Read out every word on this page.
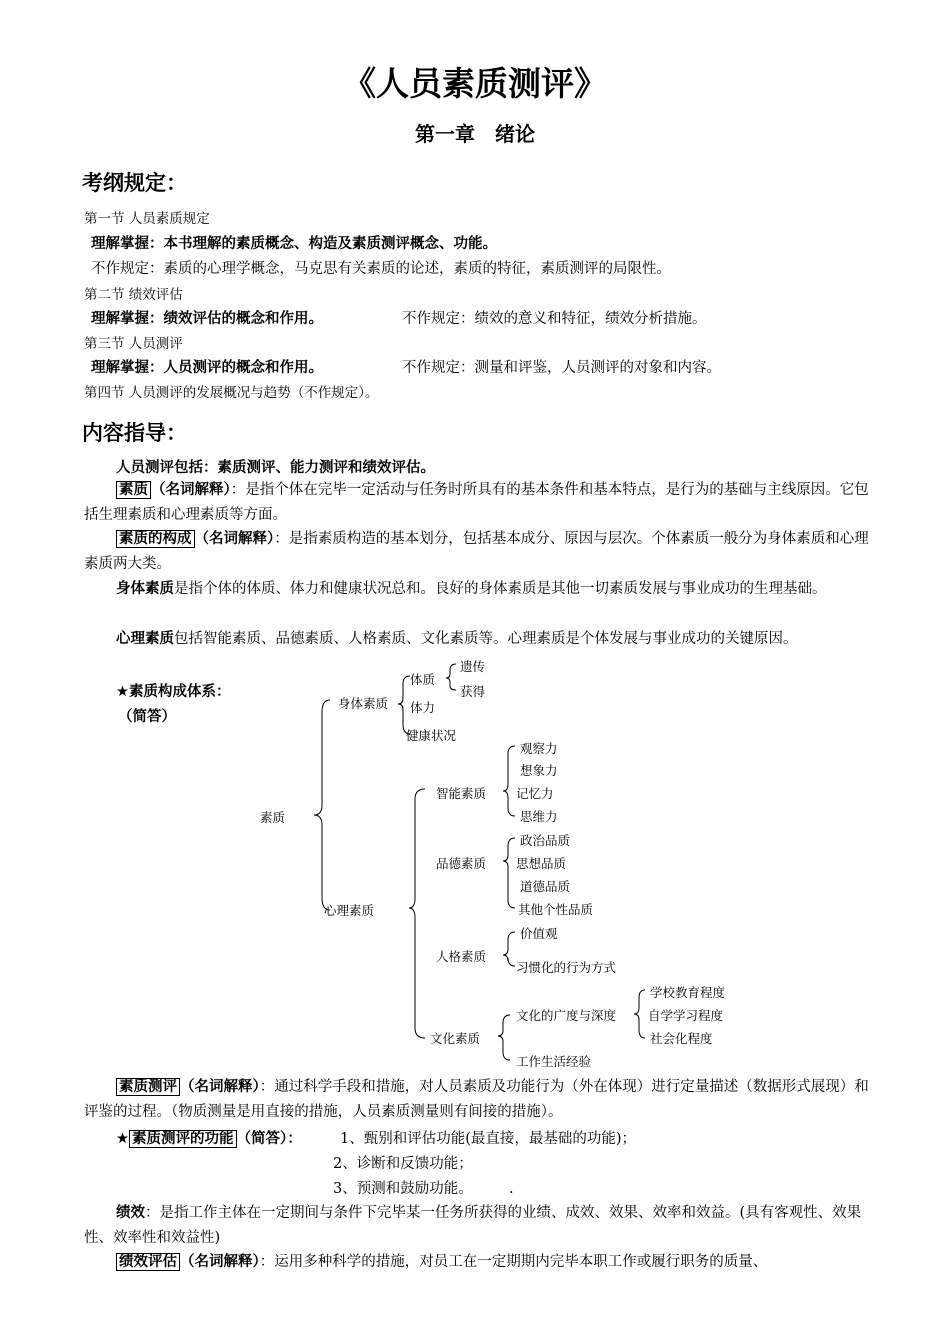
《人员素质测评》
第一章　绪论
考纲规定：
第一节 人员素质规定
理解掌握：本书理解的素质概念、构造及素质测评概念、功能。
不作规定：素质的心理学概念，马克思有关素质的论述，素质的特征，素质测评的局限性。
第二节 绩效评估
理解掌握：绩效评估的概念和作用。	不作规定：绩效的意义和特征，绩效分析措施。
第三节 人员测评
理解掌握：人员测评的概念和作用。	不作规定：测量和评鉴，人员测评的对象和内容。
第四节 人员测评的发展概况与趋势（不作规定）。
内容指导：
人员测评包括：素质测评、能力测评和绩效评估。
素质 （名词解释）：是指个体在完毕一定活动与任务时所具有的基本条件和基本特点，是行为的基础与主线原因。它包括生理素质和心理素质等方面。
素质的构成 （名词解释）：是指素质构造的基本划分，包括基本成分、原因与层次。个体素质一般分为身体素质和心理素质两大类。
身体素质是指个体的体质、体力和健康状况总和。良好的身体素质是其他一切素质发展与事业成功的生理基础。
心理素质包括智能素质、品德素质、人格素质、文化素质等。心理素质是个体发展与事业成功的关键原因。
★素质构成体系：
（简答）
素质
身体素质
体质
遗传
获得
体力
健康状况
心理素质
智能素质
观察力
想象力
记忆力
思维力
品德素质
政治品质
思想品质
道德品质
其他个性品质
人格素质
价值观
习惯化的行为方式
文化素质
文化的广度与深度
学校教育程度
自学学习程度
社会化程度
工作生活经验
素质测评 （名词解释）：通过科学手段和措施，对人员素质及功能行为（外在体现）进行定量描述（数据形式展现）和评鉴的过程。（物质测量是用直接的措施，人员素质测量则有间接的措施）。
★ 素质测评的功能 （简答）：	1、甄别和评估功能(最直接，最基础的功能)；
2、诊断和反馈功能；
3、预测和鼓励功能。　　　.
绩效：是指工作主体在一定期间与条件下完毕某一任务所获得的业绩、成效、效果、效率和效益。(具有客观性、效果性、效率性和效益性)
绩效评估 （名词解释）：运用多种科学的措施，对员工在一定期期内完毕本职工作或履行职务的质量、
